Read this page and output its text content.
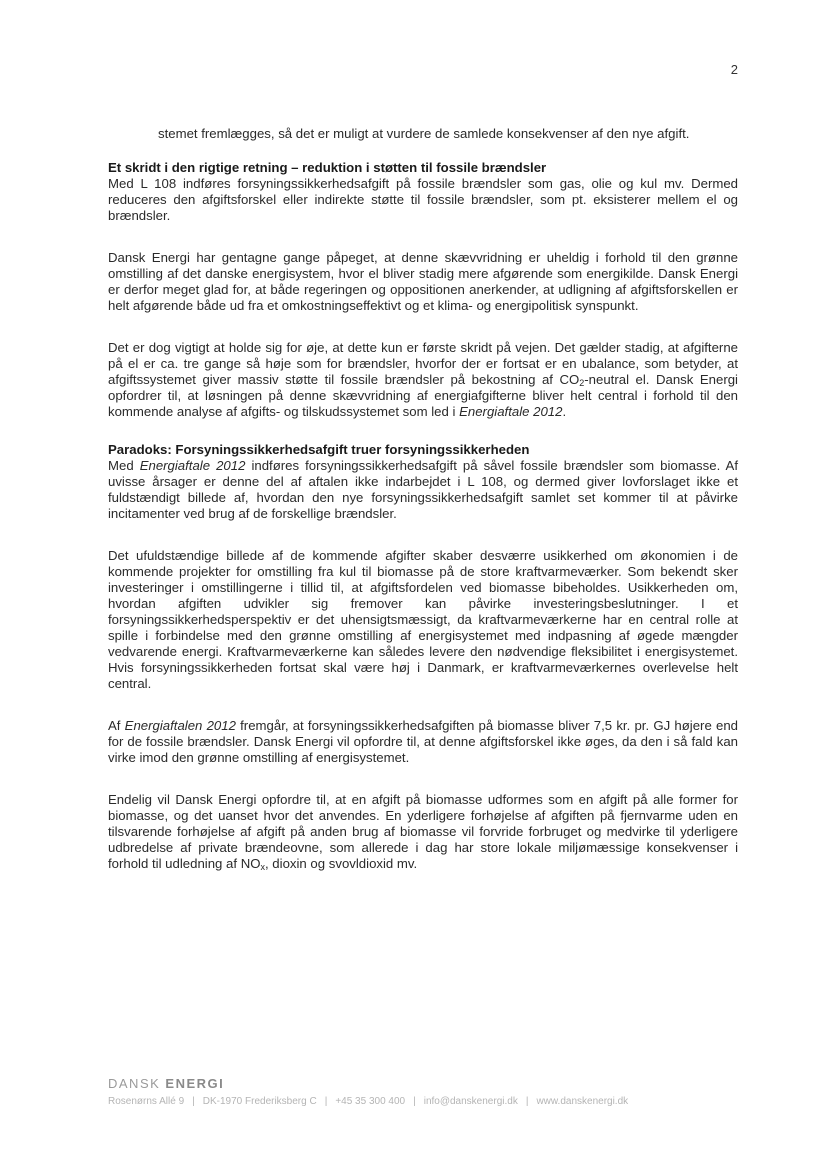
2

stemet fremlægges, så det er muligt at vurdere de samlede konsekvenser af den nye afgift.

Et skridt i den rigtige retning – reduktion i støtten til fossile brændsler

Med L 108 indføres forsyningssikkerhedsafgift på fossile brændsler som gas, olie og kul mv. Dermed reduceres den afgiftsforskel eller indirekte støtte til fossile brændsler, som pt. eksisterer mellem el og brændsler.

Dansk Energi har gentagne gange påpeget, at denne skævvridning er uheldig i forhold til den grønne omstilling af det danske energisystem, hvor el bliver stadig mere afgørende som energikilde. Dansk Energi er derfor meget glad for, at både regeringen og oppositionen anerkender, at udligning af afgiftsforskellen er helt afgørende både ud fra et omkostningseffektivt og et klima- og energipolitisk synspunkt.

Det er dog vigtigt at holde sig for øje, at dette kun er første skridt på vejen. Det gælder stadig, at afgifterne på el er ca. tre gange så høje som for brændsler, hvorfor der er fortsat er en ubalance, som betyder, at afgiftssystemet giver massiv støtte til fossile brændsler på bekostning af $CO_2$-neutral el. Dansk Energi opfordrer til, at løsningen på denne skævvridning af energiafgifterne bliver helt central i forhold til den kommende analyse af afgifts- og tilskudssystemet som led i Energiaftale 2012.

Paradoks: Forsyningssikkerhedsafgift truer forsyningssikkerheden

Med Energiaftale 2012 indføres forsyningssikkerhedsafgift på såvel fossile brændsler som biomasse. Af uvisse årsager er denne del af aftalen ikke indarbejdet i L 108, og dermed giver lovforslaget ikke et fuldstændigt billede af, hvordan den nye forsyningssikkerhedsafgift samlet set kommer til at påvirke incitamenter ved brug af de forskellige brændsler.

Det ufuldstændige billede af de kommende afgifter skaber desværre usikkerhed om økonomien i de kommende projekter for omstilling fra kul til biomasse på de store kraftvarmeværker. Som bekendt sker investeringer i omstillingerne i tillid til, at afgiftsfordelen ved biomasse bibeholdes. Usikkerheden om, hvordan afgiften udvikler sig fremover kan påvirke investeringsbeslutninger. I et forsyningssikkerhedsperspektiv er det uhensigtsmæssigt, da kraftvarmeværkerne har en central rolle at spille i forbindelse med den grønne omstilling af energisystemet med indpasning af øgede mængder vedvarende energi. Kraftvarmeværkerne kan således levere den nødvendige fleksibilitet i energisystemet. Hvis forsyningssikkerheden fortsat skal være høj i Danmark, er kraftvarmeværkernes overlevelse helt central.

Af Energiaftalen 2012 fremgår, at forsyningssikkerhedsafgiften på biomasse bliver 7,5 kr. pr. GJ højere end for de fossile brændsler. Dansk Energi vil opfordre til, at denne afgiftsforskel ikke øges, da den i så fald kan virke imod den grønne omstilling af energisystemet.

Endelig vil Dansk Energi opfordre til, at en afgift på biomasse udformes som en afgift på alle former for biomasse, og det uanset hvor det anvendes. En yderligere forhøjelse af afgiften på fjernvarme uden en tilsvarende forhøjelse af afgift på anden brug af biomasse vil forvride forbruget og medvirke til yderligere udbredelse af private brændeovne, som allerede i dag har store lokale miljømæssige konsekvenser i forhold til udledning af $NO_x$, dioxin og svovldioxid mv.

DANSK ENERGI
Rosenørns Allé 9 | DK-1970 Frederiksberg C | +45 35 300 400 | info@danskenergi.dk | www.danskenergi.dk
